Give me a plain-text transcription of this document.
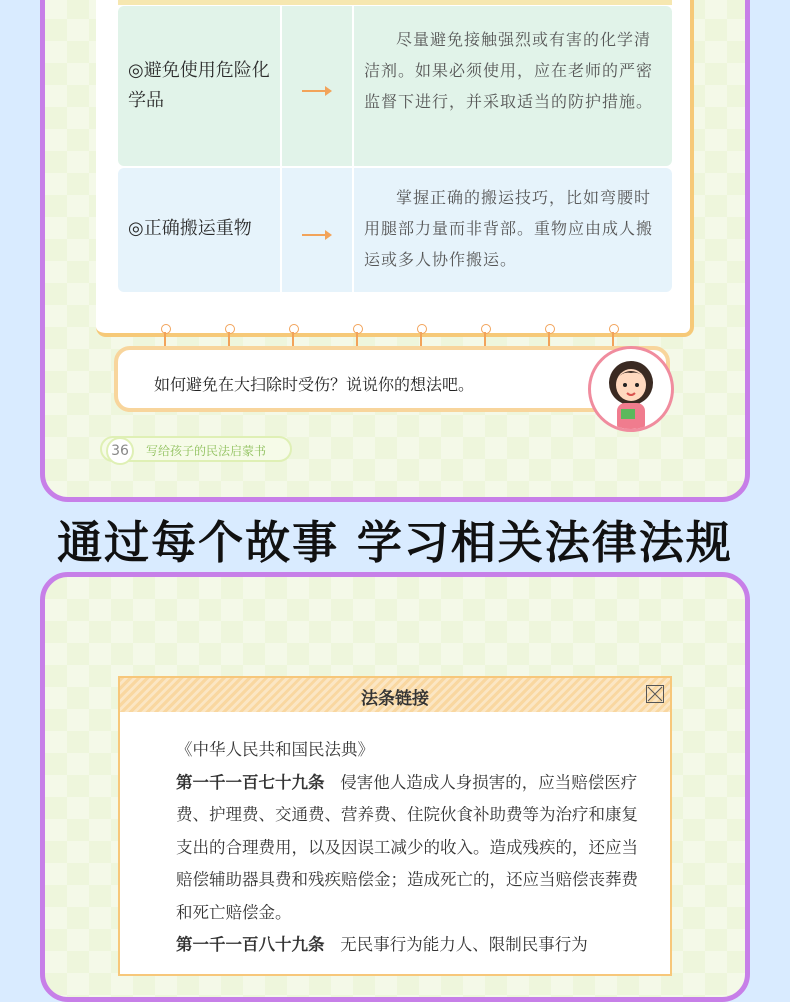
◎避免使用危险化学品
尽量避免接触强烈或有害的化学清洁剂。如果必须使用，应在老师的严密监督下进行，并采取适当的防护措施。
◎正确搬运重物
掌握正确的搬运技巧，比如弯腰时用腿部力量而非背部。重物应由成人搬运或多人协作搬运。
如何避免在大扫除时受伤？说说你的想法吧。
36	写给孩子的民法启蒙书
通过每个故事 学习相关法律法规
法条链接

《中华人民共和国民法典》

第一千一百七十九条 侵害他人造成人身损害的，应当赔偿医疗费、护理费、交通费、营养费、住院伙食补助费等为治疗和康复支出的合理费用，以及因误工减少的收入。造成残疾的，还应当赔偿辅助器具费和残疾赔偿金；造成死亡的，还应当赔偿丧葬费和死亡赔偿金。

第一千一百八十九条 无民事行为能力人、限制民事行为
